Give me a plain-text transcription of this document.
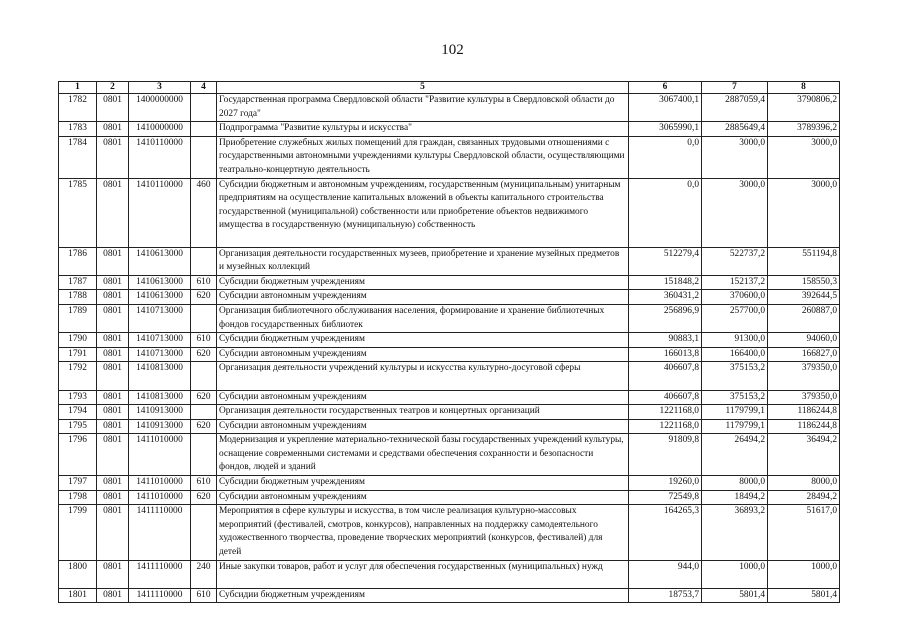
102
1	2	3	4	5	6	7	8
1782	0801	1400000000		Государственная программа Свердловской области "Развитие культуры в Свердловской области до 2027 года"	3067400,1	2887059,4	3790806,2
1783	0801	1410000000		Подпрограмма "Развитие культуры и искусства"	3065990,1	2885649,4	3789396,2
1784	0801	1410110000		Приобретение служебных жилых помещений для граждан, связанных трудовыми отношениями с государственными автономными учреждениями культуры Свердловской области, осуществляющими театрально-концертную деятельность	0,0	3000,0	3000,0
1785	0801	1410110000	460	Субсидии бюджетным и автономным учреждениям, государственным (муниципальным) унитарным предприятиям на осуществление капитальных вложений в объекты капитального строительства государственной (муниципальной) собственности или приобретение объектов недвижимого имущества в государственную (муниципальную) собственность	0,0	3000,0	3000,0
1786	0801	1410613000		Организация деятельности государственных музеев, приобретение и хранение музейных предметов и музейных коллекций	512279,4	522737,2	551194,8
1787	0801	1410613000	610	Субсидии бюджетным учреждениям	151848,2	152137,2	158550,3
1788	0801	1410613000	620	Субсидии автономным учреждениям	360431,2	370600,0	392644,5
1789	0801	1410713000		Организация библиотечного обслуживания населения, формирование и хранение библиотечных фондов государственных библиотек	256896,9	257700,0	260887,0
1790	0801	1410713000	610	Субсидии бюджетным учреждениям	90883,1	91300,0	94060,0
1791	0801	1410713000	620	Субсидии автономным учреждениям	166013,8	166400,0	166827,0
1792	0801	1410813000		Организация деятельности учреждений культуры и искусства культурно-досуговой сферы	406607,8	375153,2	379350,0
1793	0801	1410813000	620	Субсидии автономным учреждениям	406607,8	375153,2	379350,0
1794	0801	1410913000		Организация деятельности государственных театров и концертных организаций	1221168,0	1179799,1	1186244,8
1795	0801	1410913000	620	Субсидии автономным учреждениям	1221168,0	1179799,1	1186244,8
1796	0801	1411010000		Модернизация и укрепление материально-технической базы государственных учреждений культуры, оснащение современными системами и средствами обеспечения сохранности и безопасности фондов, людей и зданий	91809,8	26494,2	36494,2
1797	0801	1411010000	610	Субсидии бюджетным учреждениям	19260,0	8000,0	8000,0
1798	0801	1411010000	620	Субсидии автономным учреждениям	72549,8	18494,2	28494,2
1799	0801	1411110000		Мероприятия в сфере культуры и искусства, в том числе реализация культурно-массовых мероприятий (фестивалей, смотров, конкурсов), направленных на поддержку самодеятельного художественного творчества, проведение творческих мероприятий (конкурсов, фестивалей) для детей	164265,3	36893,2	51617,0
1800	0801	1411110000	240	Иные закупки товаров, работ и услуг для обеспечения государственных (муниципальных) нужд	944,0	1000,0	1000,0
1801	0801	1411110000	610	Субсидии бюджетным учреждениям	18753,7	5801,4	5801,4
